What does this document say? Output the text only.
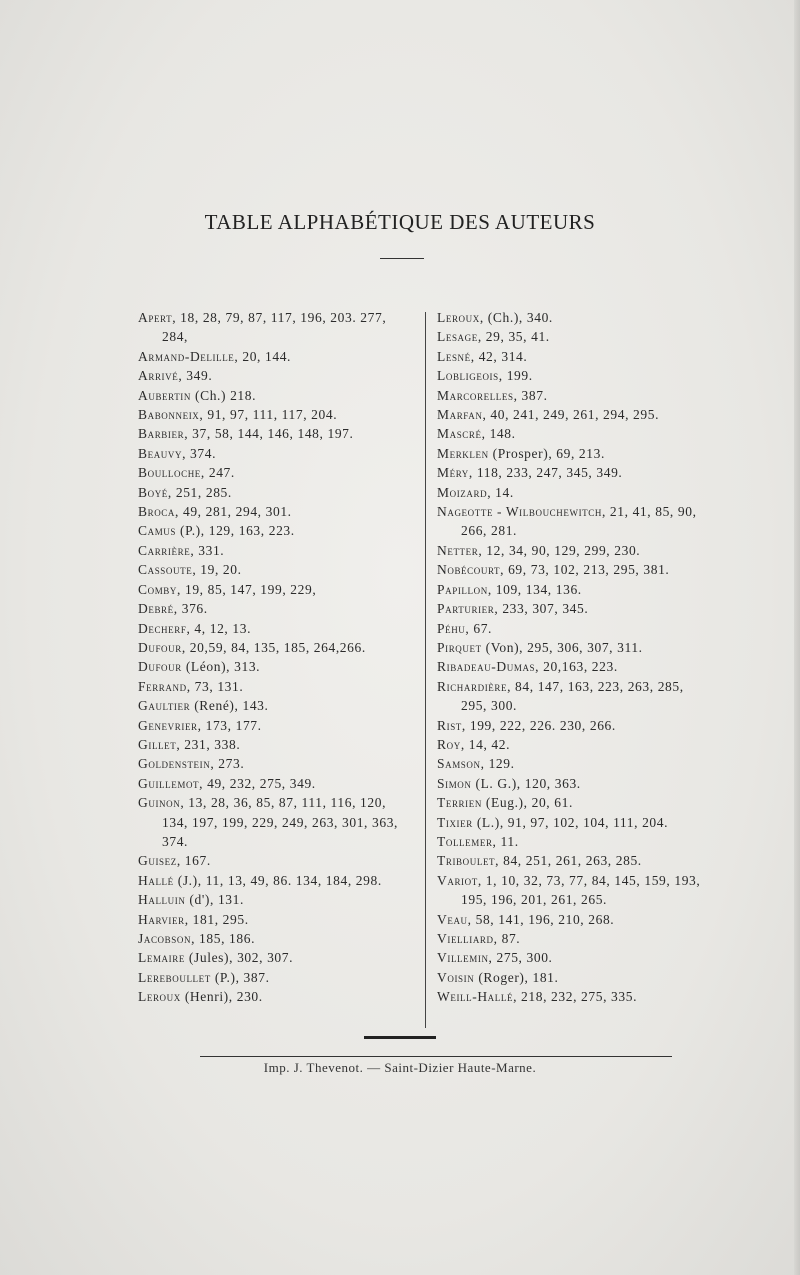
TABLE ALPHABÉTIQUE DES AUTEURS
Apert, 18, 28, 79, 87, 117, 196, 203. 277, 284,
Armand-Delille, 20, 144.
Arrivé, 349.
Aubertin (Ch.) 218.
Babonneix, 91, 97, 111, 117, 204.
Barbier, 37, 58, 144, 146, 148, 197.
Beauvy, 374.
Boulloche, 247.
Boyé, 251, 285.
Broca, 49, 281, 294, 301.
Camus (P.), 129, 163, 223.
Carrière, 331.
Cassoute, 19, 20.
Comby, 19, 85, 147, 199, 229,
Debré, 376.
Decherf, 4, 12, 13.
Dufour, 20,59, 84, 135, 185, 264,266.
Dufour (Léon), 313.
Ferrand, 73, 131.
Gaultier (René), 143.
Genevrier, 173, 177.
Gillet, 231, 338.
Goldenstein, 273.
Guillemot, 49, 232, 275, 349.
Guinon, 13, 28, 36, 85, 87, 111, 116, 120, 134, 197, 199, 229, 249, 263, 301, 363, 374.
Guisez, 167.
Hallé (J.), 11, 13, 49, 86. 134, 184, 298.
Halluin (d'), 131.
Harvier, 181, 295.
Jacobson, 185, 186.
Lemaire (Jules), 302, 307.
Lereboullet (P.), 387.
Leroux (Henri), 230.
Leroux, (Ch.), 340.
Lesage, 29, 35, 41.
Lesné, 42, 314.
Lobligeois, 199.
Marcorelles, 387.
Marfan, 40, 241, 249, 261, 294, 295.
Mascré, 148.
Merklen (Prosper), 69, 213.
Méry, 118, 233, 247, 345, 349.
Moizard, 14.
Nageotte - Wilbouchewitch, 21, 41, 85, 90, 266, 281.
Netter, 12, 34, 90, 129, 299, 230.
Nobécourt, 69, 73, 102, 213, 295, 381.
Papillon, 109, 134, 136.
Parturier, 233, 307, 345.
Péhu, 67.
Pirquet (Von), 295, 306, 307, 311.
Ribadeau-Dumas, 20,163, 223.
Richardière, 84, 147, 163, 223, 263, 285, 295, 300.
Rist, 199, 222, 226. 230, 266.
Roy, 14, 42.
Samson, 129.
Simon (L. G.), 120, 363.
Terrien (Eug.), 20, 61.
Tixier (L.), 91, 97, 102, 104, 111, 204.
Tollemer, 11.
Triboulet, 84, 251, 261, 263, 285.
Variot, 1, 10, 32, 73, 77, 84, 145, 159, 193, 195, 196, 201, 261, 265.
Veau, 58, 141, 196, 210, 268.
Vielliard, 87.
Villemin, 275, 300.
Voisin (Roger), 181.
Weill-Hallé, 218, 232, 275, 335.
Imp. J. Thevenot. — Saint-Dizier Haute-Marne.
